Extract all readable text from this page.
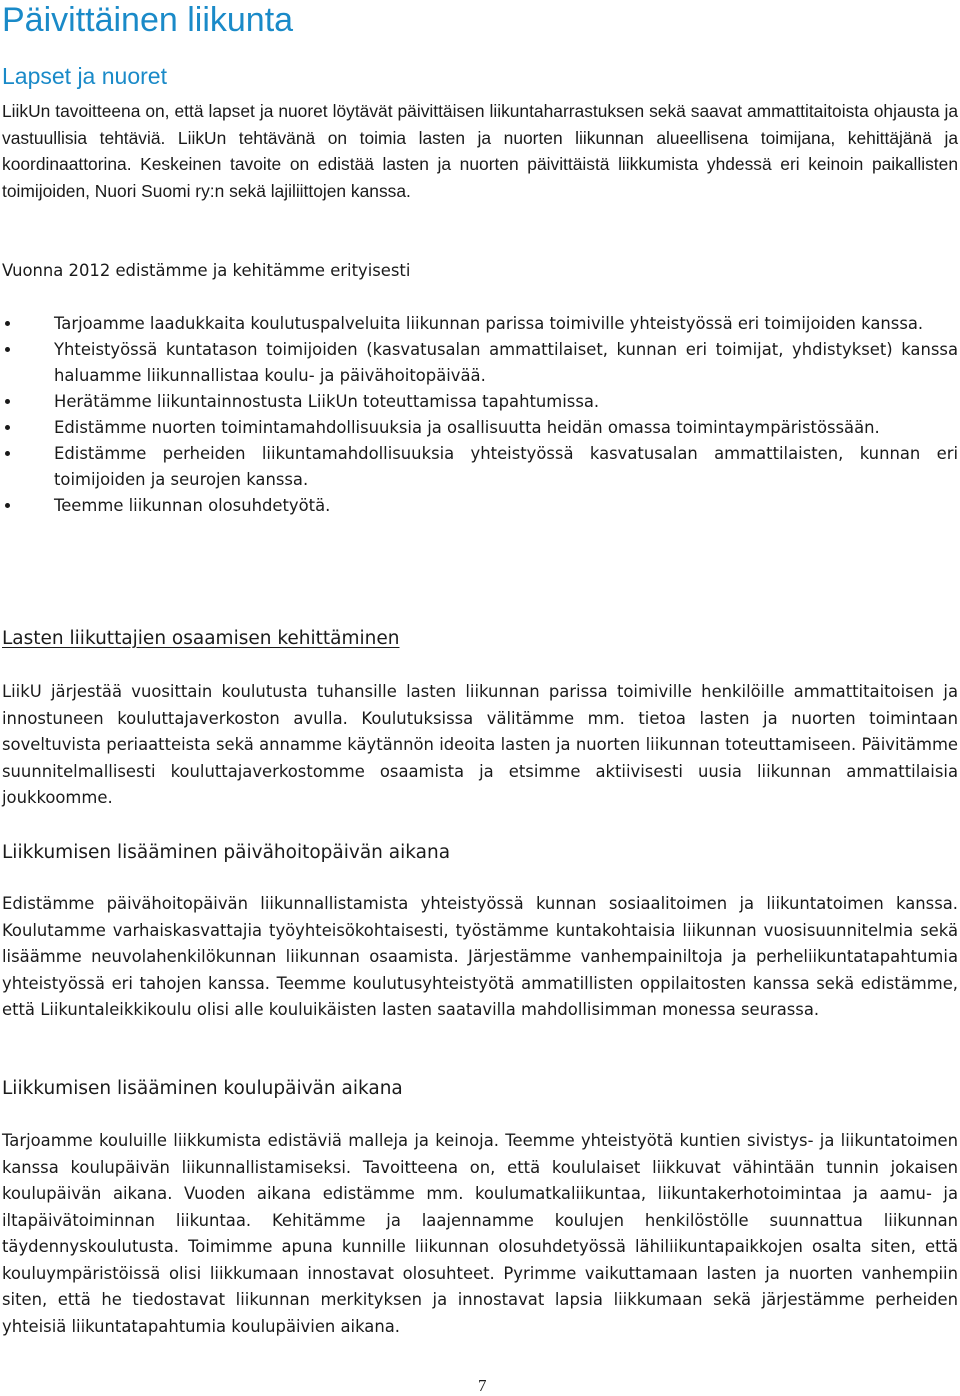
Päivittäinen liikunta
Lapset ja nuoret

LiikUn tavoitteena on, että lapset ja nuoret löytävät päivittäisen liikuntaharrastuksen sekä saavat ammattitaitoista ohjausta ja vastuullisia tehtäviä. LiikUn tehtävänä on toimia lasten ja nuorten liikunnan alueellisena toimijana, kehittäjänä ja koordinaattorina. Keskeinen tavoite on edistää lasten ja nuorten päivittäistä liikkumista yhdessä eri keinoin paikallisten toimijoiden, Nuori Suomi ry:n sekä lajiliittojen kanssa.

Vuonna 2012 edistämme ja kehitämme erityisesti

Tarjoamme laadukkaita koulutuspalveluita liikunnan parissa toimiville yhteistyössä eri toimijoiden kanssa.
Yhteistyössä kuntatason toimijoiden (kasvatusalan ammattilaiset, kunnan eri toimijat, yhdistykset) kanssa haluamme liikunnallistaa koulu- ja päivähoitopäivää.
Herätämme liikuntainnostusta LiikUn toteuttamissa tapahtumissa.
Edistämme nuorten toimintamahdollisuuksia ja osallisuutta heidän omassa toimintaympäristössään.
Edistämme perheiden liikuntamahdollisuuksia yhteistyössä kasvatusalan ammattilaisten, kunnan eri toimijoiden ja seurojen kanssa.
Teemme liikunnan olosuhdetyötä.
Lasten liikuttajien osaamisen kehittäminen

LiikU järjestää vuosittain koulutusta tuhansille lasten liikunnan parissa toimiville henkilöille ammattitaitoisen ja innostuneen kouluttajaverkoston avulla. Koulutuksissa välitämme mm. tietoa lasten ja nuorten toimintaan soveltuvista periaatteista sekä annamme käytännön ideoita lasten ja nuorten liikunnan toteuttamiseen. Päivitämme suunnitelmallisesti kouluttajaverkostomme osaamista ja etsimme aktiivisesti uusia liikunnan ammattilaisia joukkoomme.

Liikkumisen lisääminen päivähoitopäivän aikana

Edistämme päivähoitopäivän liikunnallistamista yhteistyössä kunnan sosiaalitoimen ja liikuntatoimen kanssa. Koulutamme varhaiskasvattajia työyhteisökohtaisesti, työstämme kuntakohtaisia liikunnan vuosisuunnitelmia sekä lisäämme neuvolahenkilökunnan liikunnan osaamista. Järjestämme vanhempainiltoja ja perheliikuntatapahtumia yhteistyössä eri tahojen kanssa. Teemme koulutusyhteistyötä ammatillisten oppilaitosten kanssa sekä edistämme, että Liikuntaleikkikoulu olisi alle kouluikäisten lasten saatavilla mahdollisimman monessa seurassa.

Liikkumisen lisääminen koulupäivän aikana

Tarjoamme kouluille liikkumista edistäviä malleja ja keinoja. Teemme yhteistyötä kuntien sivistys- ja liikuntatoimen kanssa koulupäivän liikunnallistamiseksi. Tavoitteena on, että koululaiset liikkuvat vähintään tunnin jokaisen koulupäivän aikana. Vuoden aikana edistämme mm. koulumatkaliikuntaa, liikuntakerhotoimintaa ja aamu- ja iltapäivätoiminnan liikuntaa. Kehitämme ja laajennamme koulujen henkilöstölle suunnattua liikunnan täydennyskoulutusta. Toimimme apuna kunnille liikunnan olosuhdetyössä lähiliikuntapaikkojen osalta siten, että kouluympäristöissä olisi liikkumaan innostavat olosuhteet. Pyrimme vaikuttamaan lasten ja nuorten vanhempiin siten, että he tiedostavat liikunnan merkityksen ja innostavat lapsia liikkumaan sekä järjestämme perheiden yhteisiä liikuntatapahtumia koulupäivien aikana.

7
